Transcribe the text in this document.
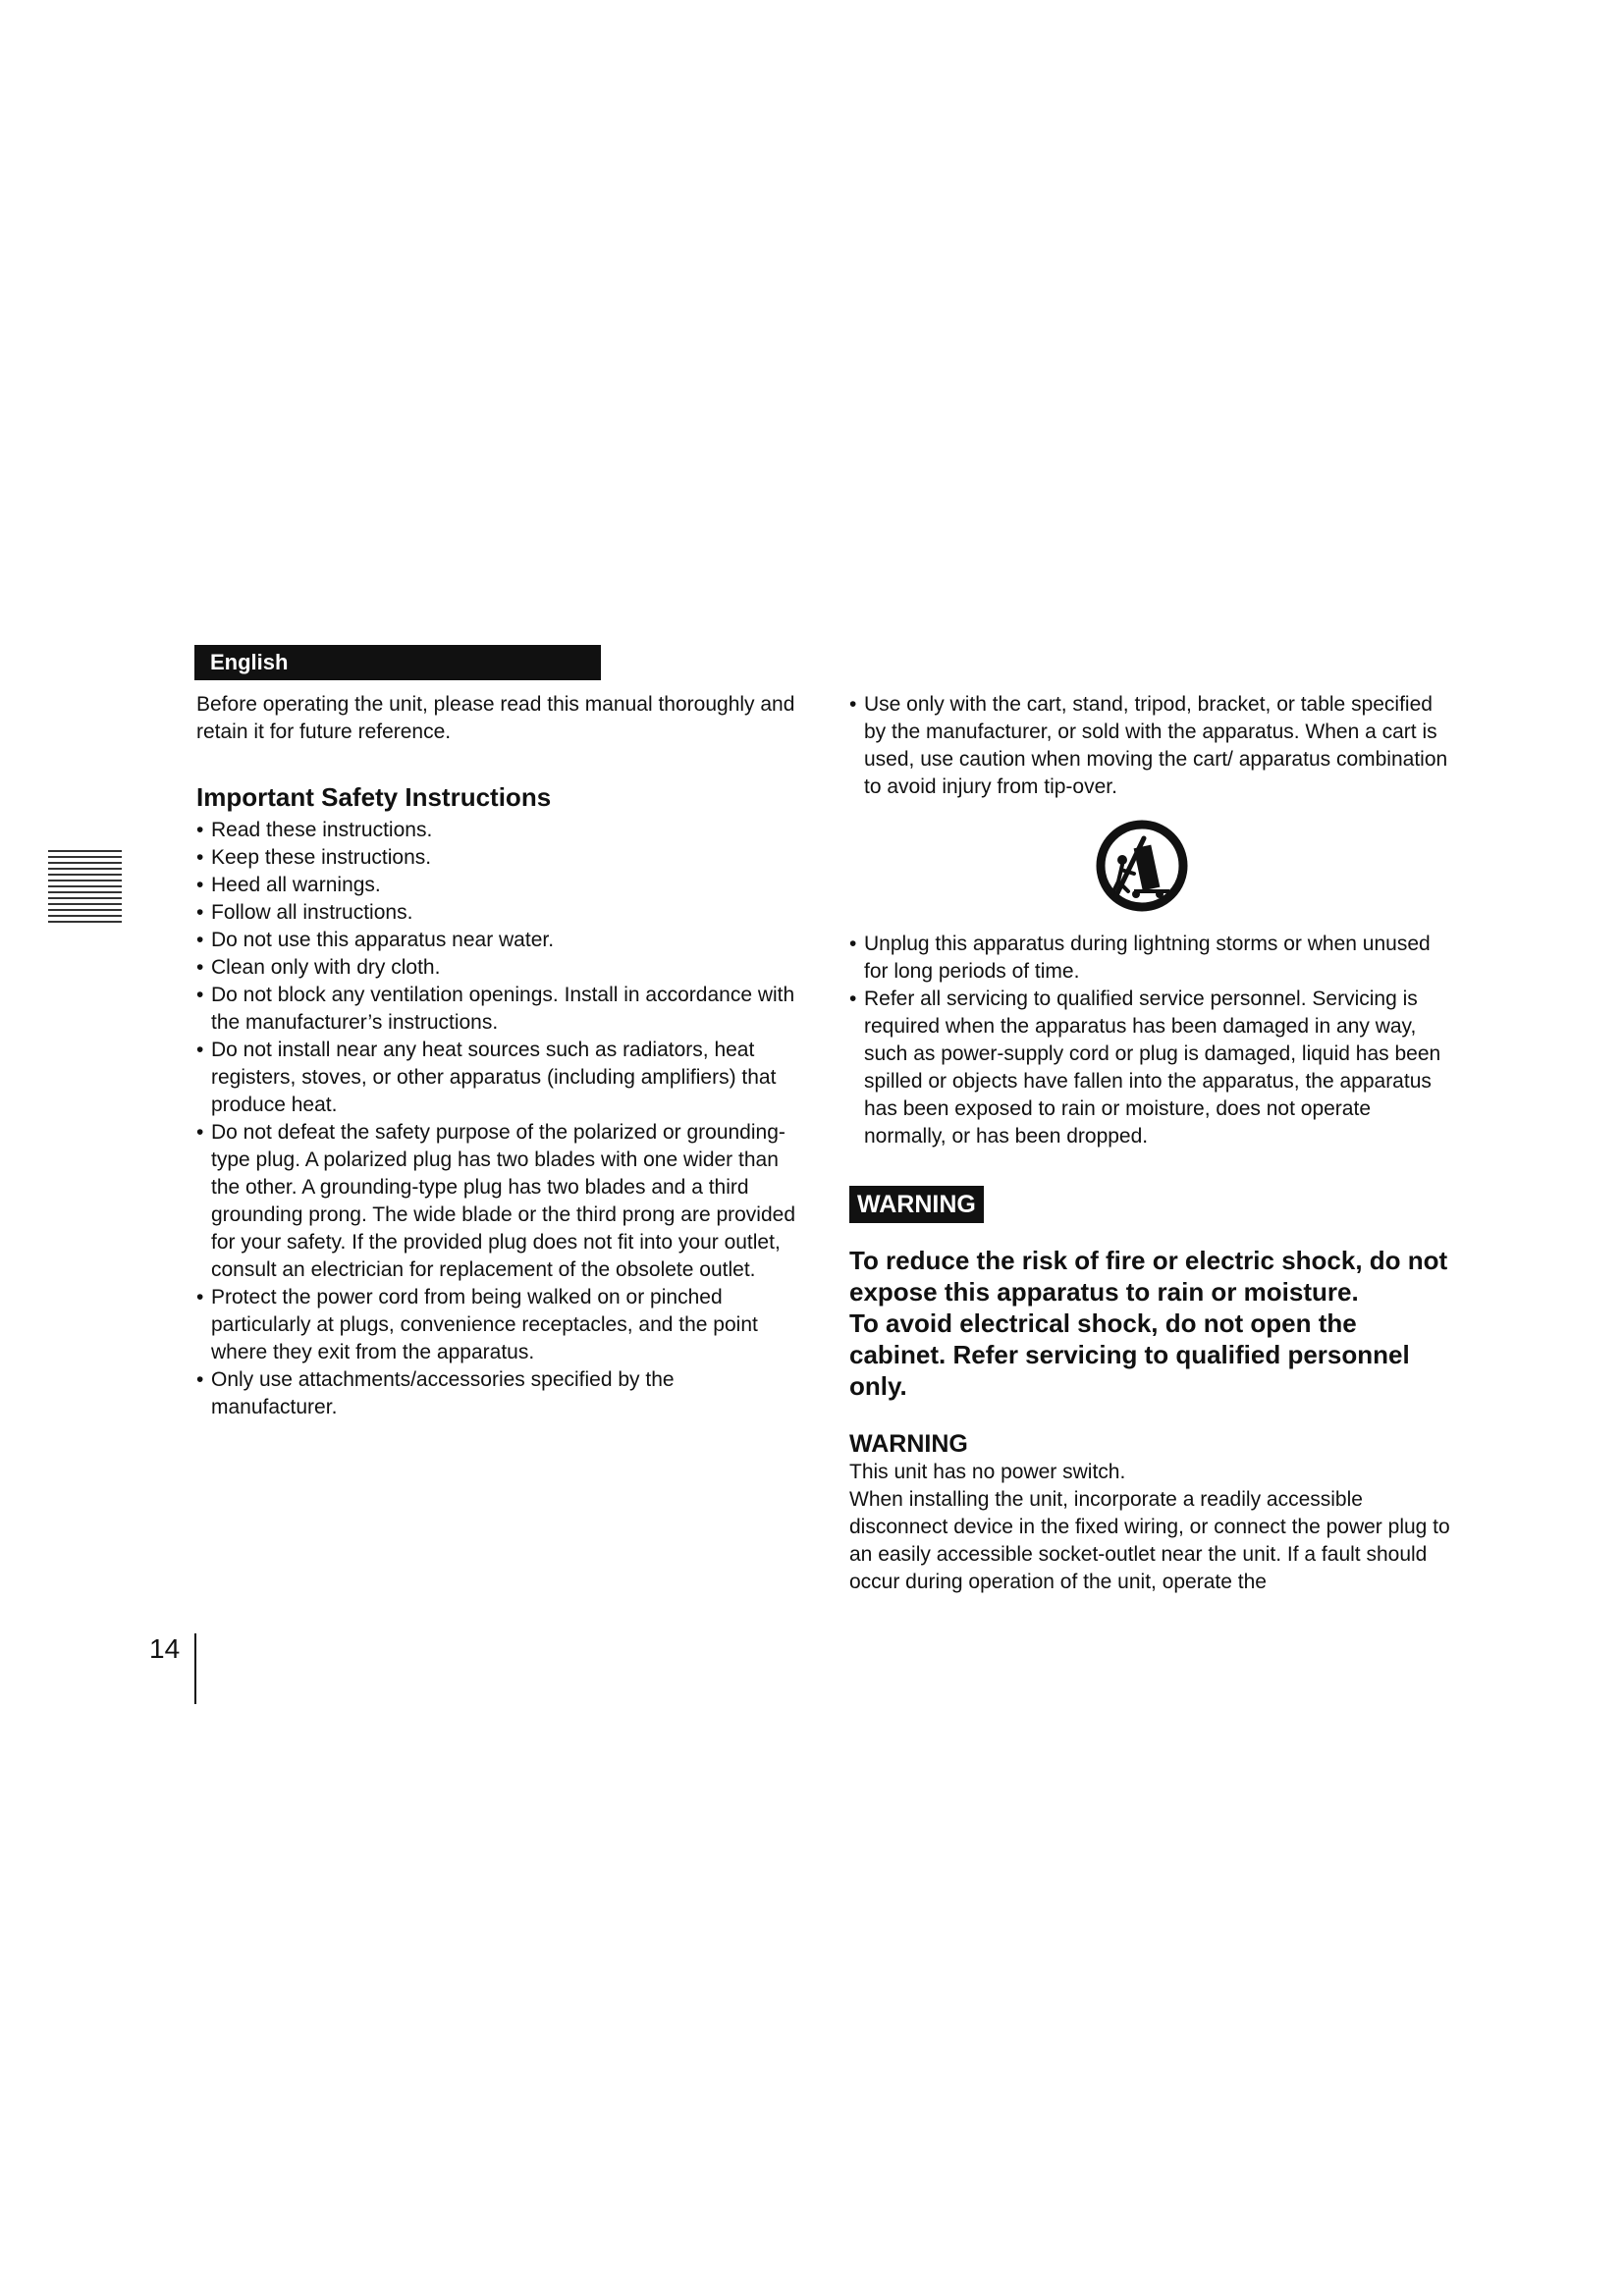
English

Before operating the unit, please read this manual thoroughly and retain it for future reference.

Important Safety Instructions
• Read these instructions.
• Keep these instructions.
• Heed all warnings.
• Follow all instructions.
• Do not use this apparatus near water.
• Clean only with dry cloth.
• Do not block any ventilation openings. Install in accordance with the manufacturer’s instructions.
• Do not install near any heat sources such as radiators, heat registers, stoves, or other apparatus (including amplifiers) that produce heat.
• Do not defeat the safety purpose of the polarized or grounding-type plug. A polarized plug has two blades with one wider than the other. A grounding-type plug has two blades and a third grounding prong. The wide blade or the third prong are provided for your safety. If the provided plug does not fit into your outlet, consult an electrician for replacement of the obsolete outlet.
• Protect the power cord from being walked on or pinched particularly at plugs, convenience receptacles, and the point where they exit from the apparatus.
• Only use attachments/accessories specified by the manufacturer.
• Use only with the cart, stand, tripod, bracket, or table specified by the manufacturer, or sold with the apparatus. When a cart is used, use caution when moving the cart/ apparatus combination to avoid injury from tip-over.
• Unplug this apparatus during lightning storms or when unused for long periods of time.
• Refer all servicing to qualified service personnel. Servicing is required when the apparatus has been damaged in any way, such as power-supply cord or plug is damaged, liquid has been spilled or objects have fallen into the apparatus, the apparatus has been exposed to rain or moisture, does not operate normally, or has been dropped.
WARNING
To reduce the risk of fire or electric shock, do not expose this apparatus to rain or moisture.
To avoid electrical shock, do not open the cabinet. Refer servicing to qualified personnel only.
WARNING

This unit has no power switch.

When installing the unit, incorporate a readily accessible disconnect device in the fixed wiring, or connect the power plug to an easily accessible socket-outlet near the unit. If a fault should occur during operation of the unit, operate the

14
